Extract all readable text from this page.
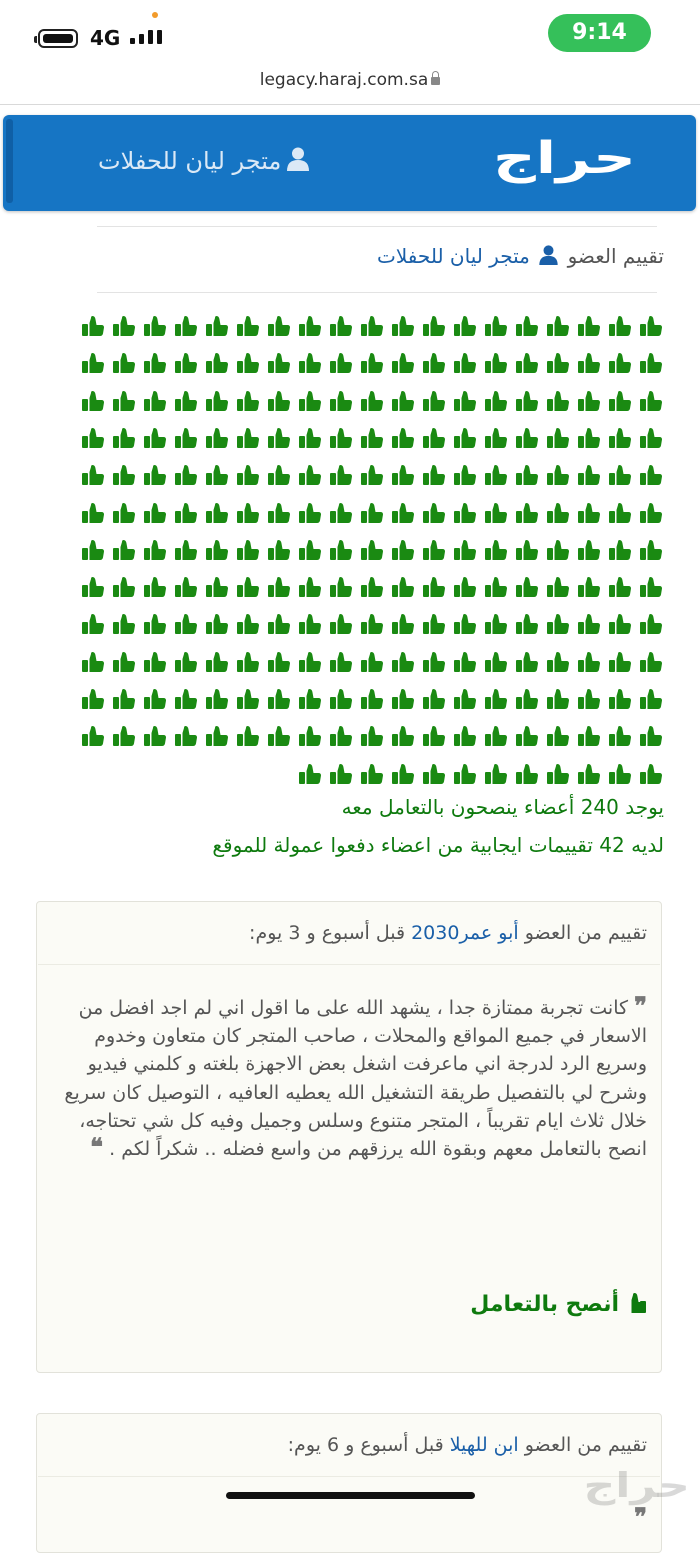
4G	9:14
legacy.haraj.com.sa
حراج
متجر ليان للحفلات
تقييم العضو  متجر ليان للحفلات
يوجد 240 أعضاء ينصحون بالتعامل معه
لديه 42 تقييمات ايجابية من اعضاء دفعوا عمولة للموقع
تقييم من العضو أبو عمر2030 قبل أسبوع و 3 يوم:
❞ كانت تجربة ممتازة جدا ، يشهد الله على ما اقول اني لم اجد افضل من الاسعار في جميع المواقع والمحلات ، صاحب المتجر كان متعاون وخدوم وسريع الرد لدرجة اني ماعرفت اشغل بعض الاجهزة بلغته و كلمني فيديو وشرح لي بالتفصيل طريقة التشغيل الله يعطيه العافيه ، التوصيل كان سريع خلال ثلاث ايام تقريباً ، المتجر متنوع وسلس وجميل وفيه كل شي تحتاجه، انصح بالتعامل معهم وبقوة الله يرزقهم من واسع فضله .. شكراً لكم . ❝
أنصح بالتعامل
تقييم من العضو ابن للهيلا قبل أسبوع و 6 يوم:
❞
حراج
